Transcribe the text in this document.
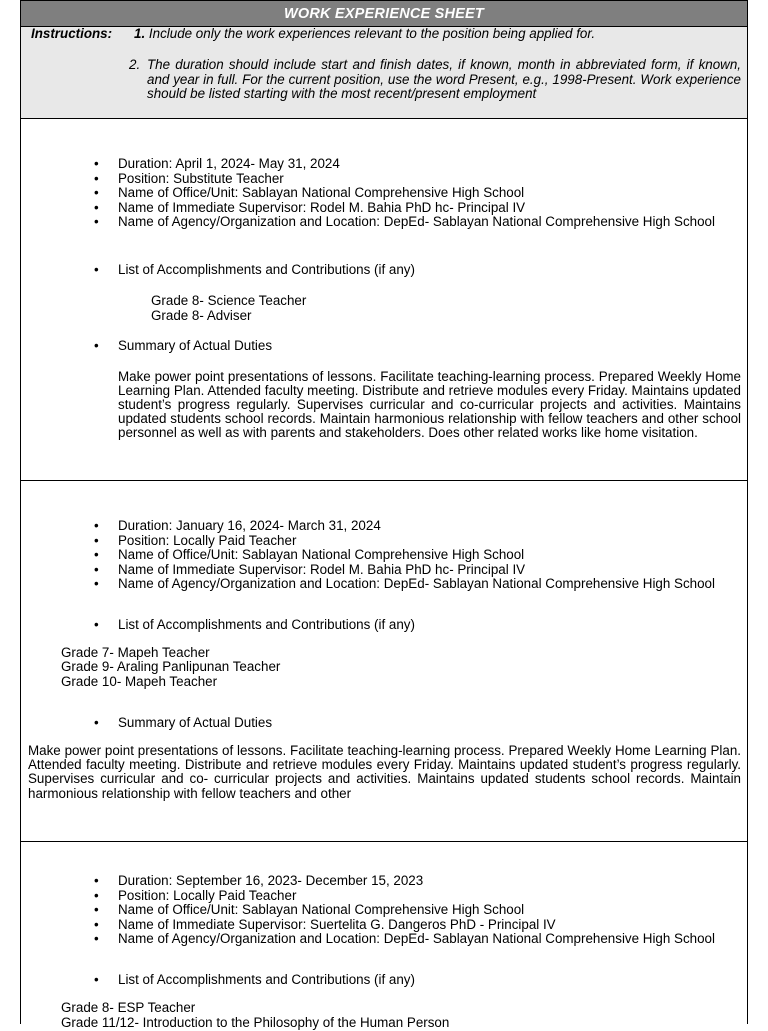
WORK EXPERIENCE SHEET
Instructions: 1. Include only the work experiences relevant to the position being applied for.
2. The duration should include start and finish dates, if known, month in abbreviated form, if known, and year in full. For the current position, use the word Present, e.g., 1998-Present. Work experience should be listed starting with the most recent/present employment
• Duration: April 1, 2024- May 31, 2024
• Position: Substitute Teacher
• Name of Office/Unit: Sablayan National Comprehensive High School
• Name of Immediate Supervisor: Rodel M. Bahia PhD hc- Principal IV
• Name of Agency/Organization and Location: DepEd- Sablayan National Comprehensive High School
• List of Accomplishments and Contributions (if any)
Grade 8- Science Teacher
Grade 8- Adviser
• Summary of Actual Duties
Make power point presentations of lessons. Facilitate teaching-learning process. Prepared Weekly Home Learning Plan. Attended faculty meeting. Distribute and retrieve modules every Friday. Maintains updated student’s progress regularly. Supervises curricular and co-curricular projects and activities. Maintains updated students school records. Maintain harmonious relationship with fellow teachers and other school personnel as well as with parents and stakeholders. Does other related works like home visitation.
• Duration: January 16, 2024- March 31, 2024
• Position: Locally Paid Teacher
• Name of Office/Unit: Sablayan National Comprehensive High School
• Name of Immediate Supervisor: Rodel M. Bahia PhD hc- Principal IV
• Name of Agency/Organization and Location: DepEd- Sablayan National Comprehensive High School
• List of Accomplishments and Contributions (if any)
Grade 7- Mapeh Teacher
Grade 9- Araling Panlipunan Teacher
Grade 10- Mapeh Teacher
• Summary of Actual Duties
Make power point presentations of lessons. Facilitate teaching-learning process. Prepared Weekly Home Learning Plan. Attended faculty meeting. Distribute and retrieve modules every Friday. Maintains updated student’s progress regularly. Supervises curricular and co- curricular projects and activities. Maintains updated students school records. Maintain harmonious relationship with fellow teachers and other
• Duration: September 16, 2023- December 15, 2023
• Position: Locally Paid Teacher
• Name of Office/Unit: Sablayan National Comprehensive High School
• Name of Immediate Supervisor: Suertelita G. Dangeros PhD - Principal IV
• Name of Agency/Organization and Location: DepEd- Sablayan National Comprehensive High School
• List of Accomplishments and Contributions (if any)
Grade 8- ESP Teacher
Grade 11/12- Introduction to the Philosophy of the Human Person
